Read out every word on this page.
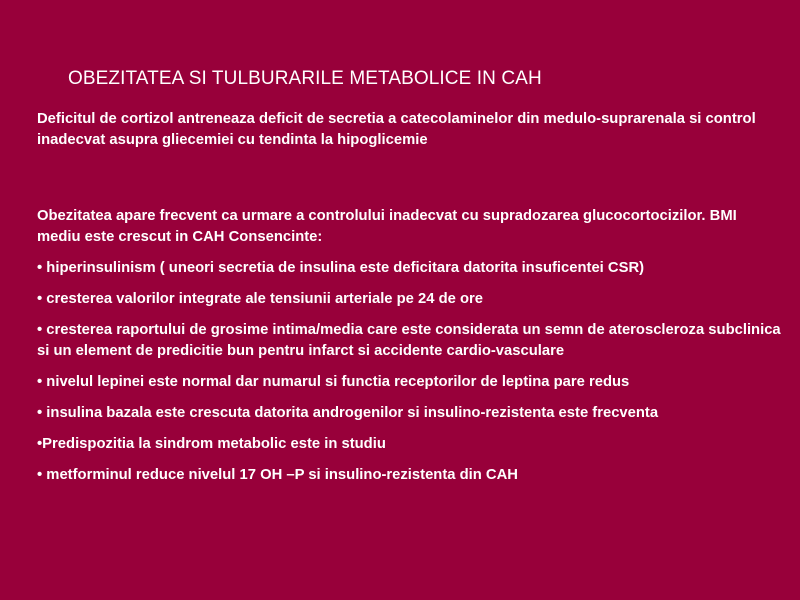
OBEZITATEA SI TULBURARILE METABOLICE IN CAH

Deficitul de cortizol antreneaza deficit de secretia a catecolaminelor din medulo-suprarenala si control inadecvat asupra gliecemiei cu tendinta la hipoglicemie

Obezitatea apare frecvent ca urmare a controlului inadecvat cu supradozarea glucocortocizilor. BMI mediu este crescut in CAH Consencinte:

• hiperinsulinism ( uneori secretia de insulina este deficitara datorita insuficentei CSR)

• cresterea valorilor integrate ale tensiunii arteriale pe 24 de ore

• cresterea raportului de grosime intima/media care este considerata un semn de ateroscleroza subclinica si un element de predicitie bun pentru infarct si accidente cardio-vasculare

• nivelul lepinei este normal dar numarul si functia receptorilor de leptina pare redus

• insulina bazala este crescuta datorita androgenilor si insulino-rezistenta este frecventa

•Predispozitia la sindrom metabolic este in studiu

• metforminul reduce nivelul 17 OH –P si insulino-rezistenta din CAH
